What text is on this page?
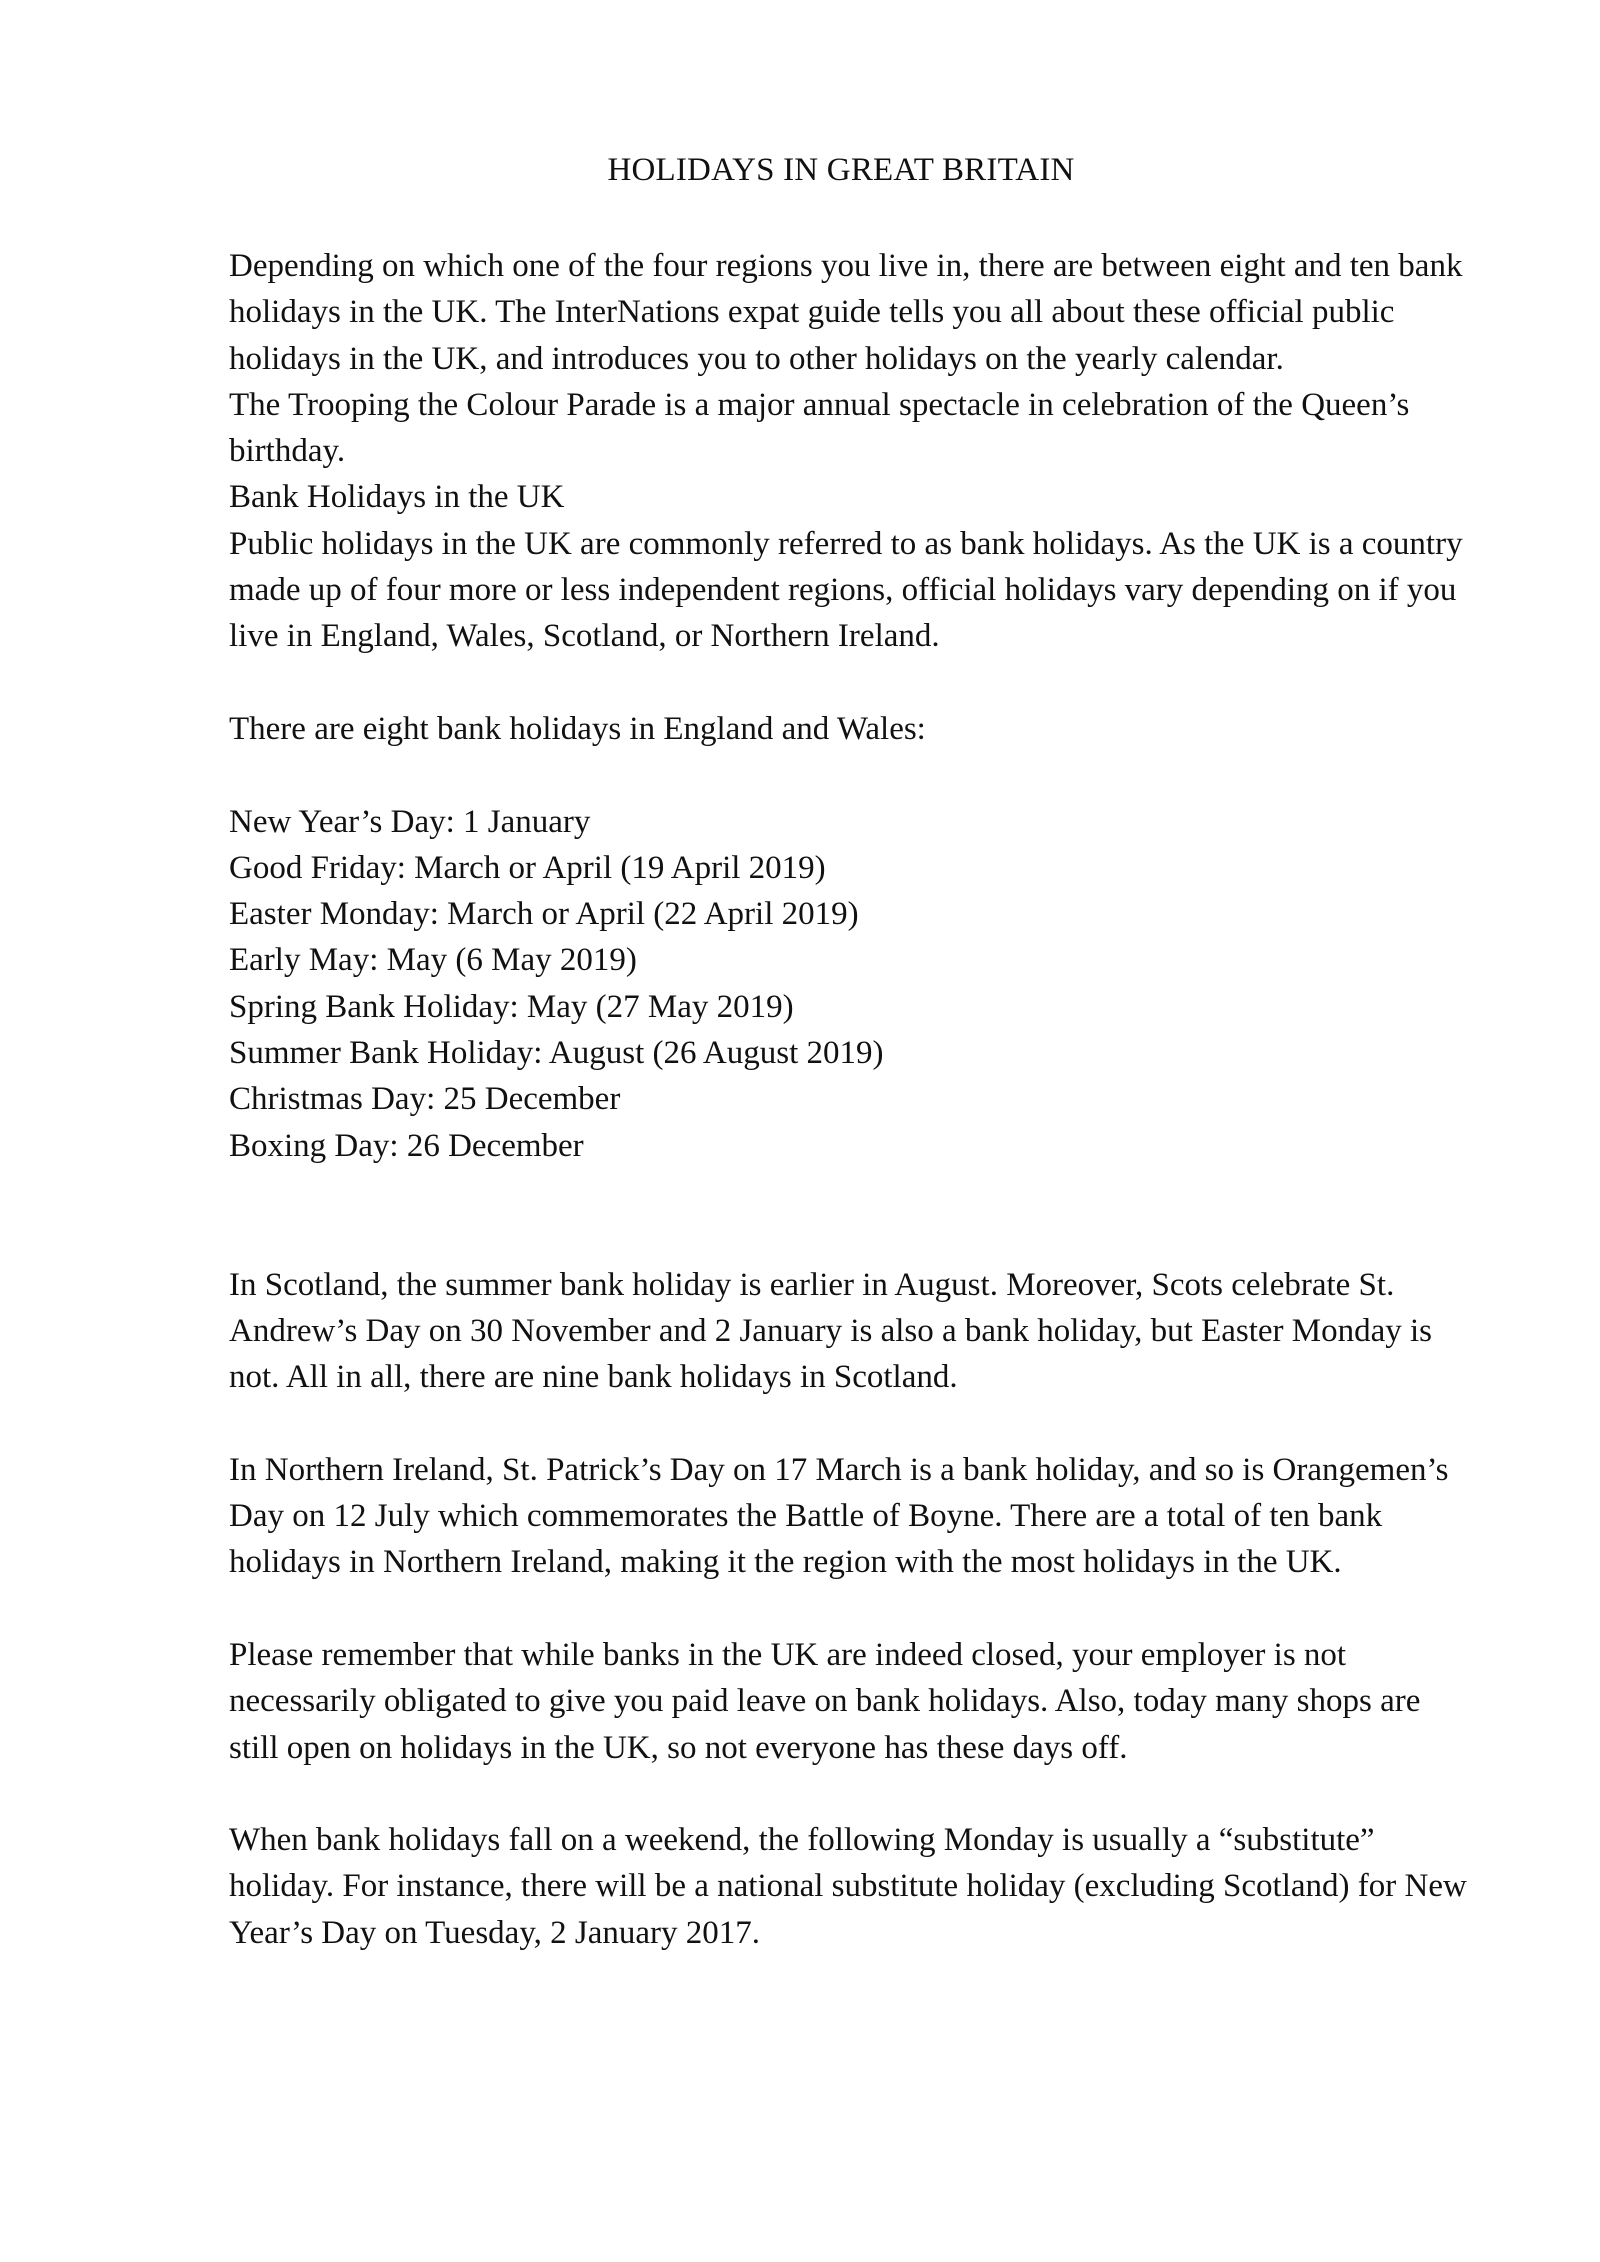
HOLIDAYS IN GREAT BRITAIN

Depending on which one of the four regions you live in, there are between eight and ten bank holidays in the UK. The InterNations expat guide tells you all about these official public holidays in the UK, and introduces you to other holidays on the yearly calendar.

The Trooping the Colour Parade is a major annual spectacle in celebration of the Queen’s birthday.

Bank Holidays in the UK

Public holidays in the UK are commonly referred to as bank holidays. As the UK is a country made up of four more or less independent regions, official holidays vary depending on if you live in England, Wales, Scotland, or Northern Ireland.

There are eight bank holidays in England and Wales:

New Year’s Day: 1 January
Good Friday: March or April (19 April 2019)
Easter Monday: March or April (22 April 2019)
Early May: May (6 May 2019)
Spring Bank Holiday: May (27 May 2019)
Summer Bank Holiday: August (26 August 2019)
Christmas Day: 25 December
Boxing Day: 26 December

In Scotland, the summer bank holiday is earlier in August. Moreover, Scots celebrate St. Andrew’s Day on 30 November and 2 January is also a bank holiday, but Easter Monday is not. All in all, there are nine bank holidays in Scotland.

In Northern Ireland, St. Patrick’s Day on 17 March is a bank holiday, and so is Orangemen’s Day on 12 July which commemorates the Battle of Boyne. There are a total of ten bank holidays in Northern Ireland, making it the region with the most holidays in the UK.

Please remember that while banks in the UK are indeed closed, your employer is not necessarily obligated to give you paid leave on bank holidays. Also, today many shops are still open on holidays in the UK, so not everyone has these days off.

When bank holidays fall on a weekend, the following Monday is usually a “substitute” holiday. For instance, there will be a national substitute holiday (excluding Scotland) for New Year’s Day on Tuesday, 2 January 2017.
